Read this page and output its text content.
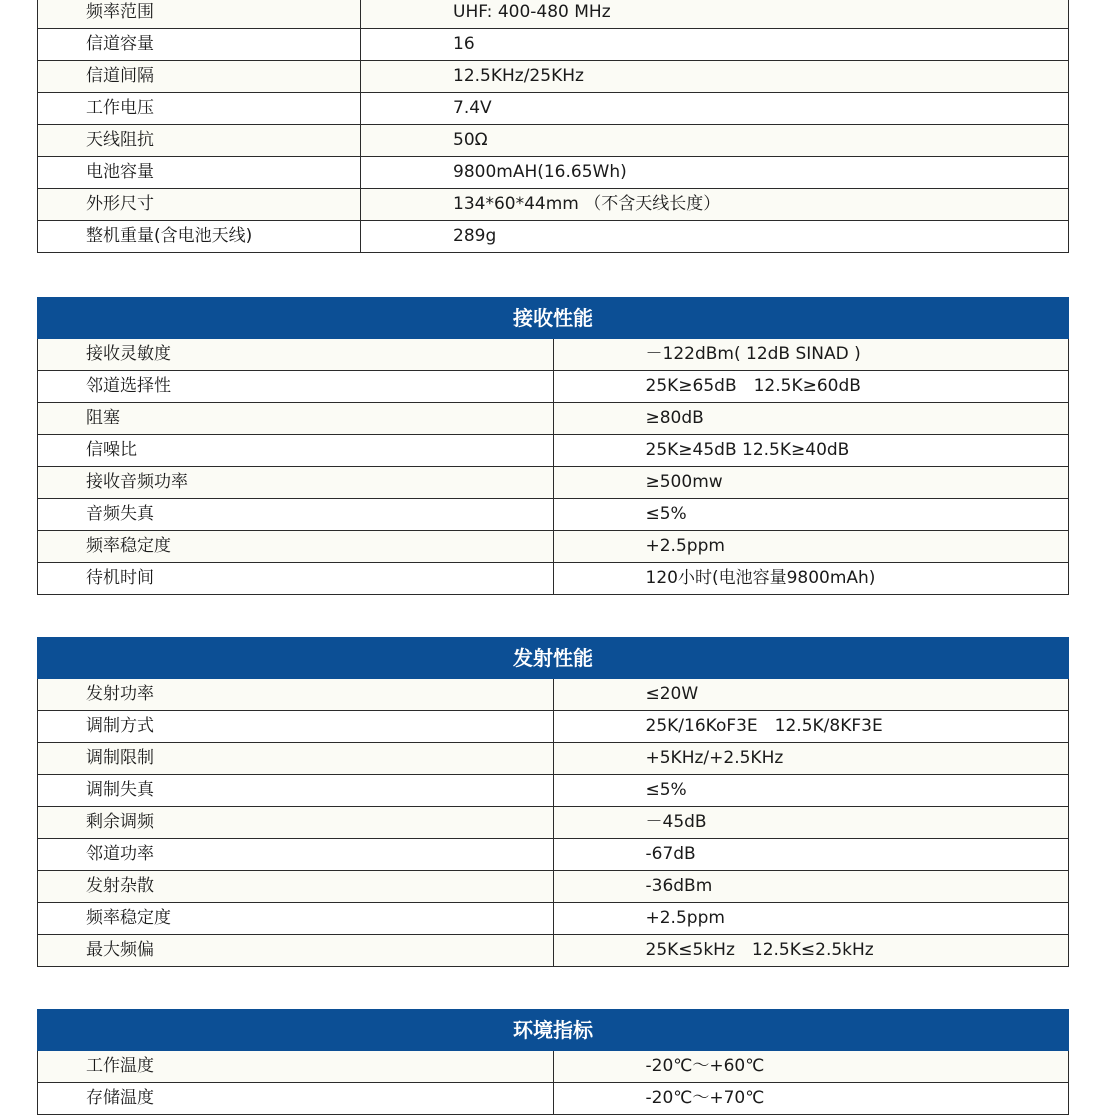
频率范围	UHF: 400-480 MHz
信道容量	16
信道间隔	12.5KHz/25KHz
工作电压	7.4V
天线阻抗	50Ω
电池容量	9800mAH(16.65Wh)
外形尺寸	134*60*44mm （不含天线长度）
整机重量(含电池天线)	289g
接收性能	
接收灵敏度	－122dBm( 12dB SINAD )
邻道选择性	25K≥65dB　12.5K≥60dB
阻塞	≥80dB
信噪比	25K≥45dB 12.5K≥40dB
接收音频功率	≥500mw
音频失真	≤5%
频率稳定度	+2.5ppm
待机时间	120小时(电池容量9800mAh)
发射性能	
发射功率	≤20W
调制方式	25K/16KoF3E　12.5K/8KF3E
调制限制	+5KHz/+2.5KHz
调制失真	≤5%
剩余调频	－45dB
邻道功率	-67dB
发射杂散	-36dBm
频率稳定度	+2.5ppm
最大频偏	25K≤5kHz　12.5K≤2.5kHz
环境指标	
工作温度	-20℃～+60℃
存储温度	-20℃～+70℃
